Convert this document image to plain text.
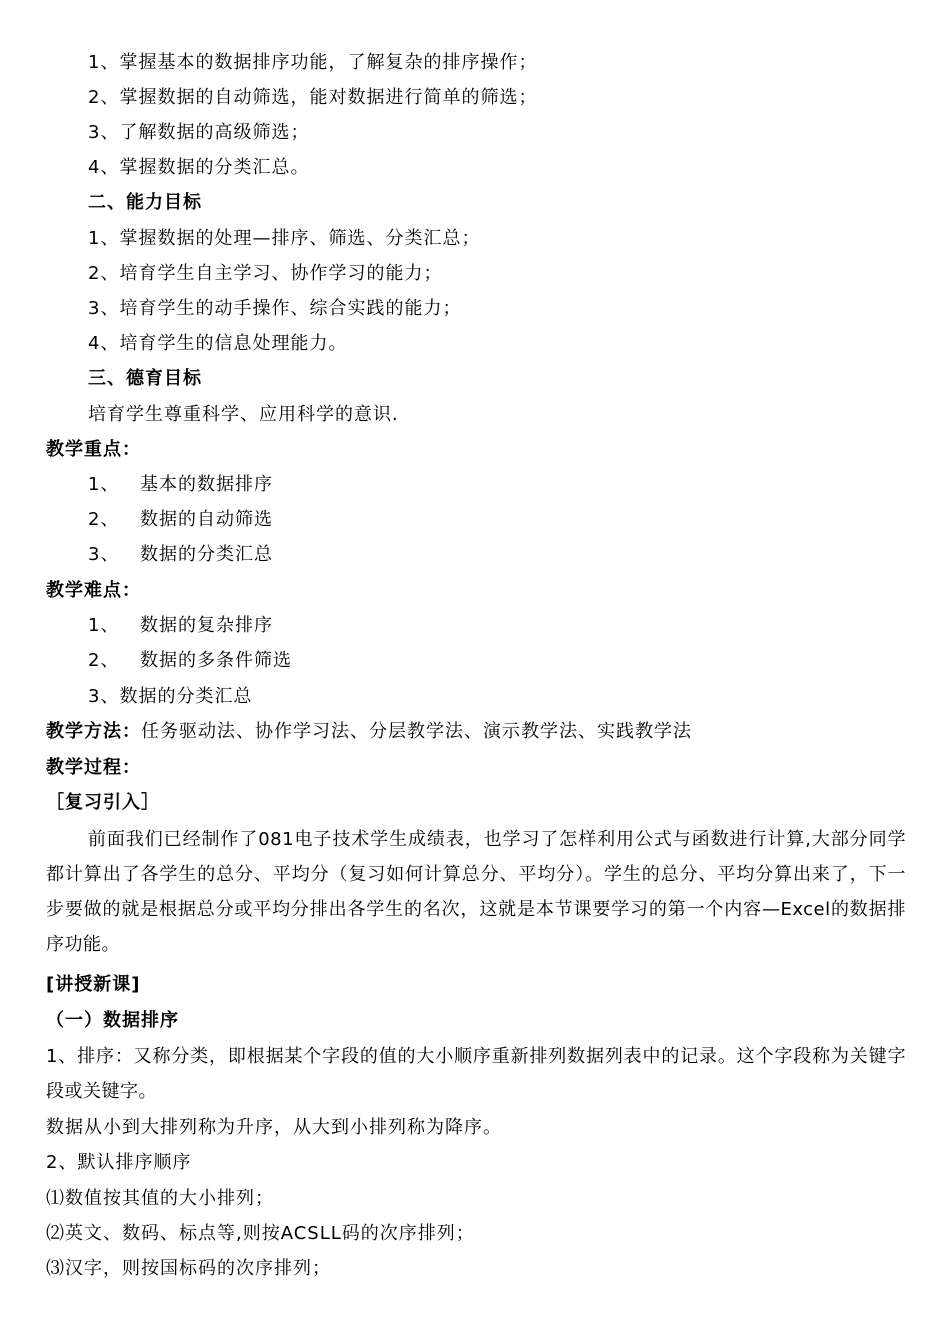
1、掌握基本的数据排序功能，了解复杂的排序操作；
2、掌握数据的自动筛选，能对数据进行简单的筛选；
3、了解数据的高级筛选；
4、掌握数据的分类汇总。
二、能力目标
1、掌握数据的处理—排序、筛选、分类汇总；
2、培育学生自主学习、协作学习的能力；
3、培育学生的动手操作、综合实践的能力；
4、培育学生的信息处理能力。
三、德育目标
培育学生尊重科学、应用科学的意识.
教学重点：
1、 基本的数据排序
2、 数据的自动筛选
3、 数据的分类汇总
教学难点：
1、 数据的复杂排序
2、 数据的多条件筛选
3、数据的分类汇总
教学方法：任务驱动法、协作学习法、分层教学法、演示教学法、实践教学法
教学过程：
［复习引入］
前面我们已经制作了081电子技术学生成绩表，也学习了怎样利用公式与函数进行计算,大部分同学都计算出了各学生的总分、平均分（复习如何计算总分、平均分）。学生的总分、平均分算出来了，下一步要做的就是根据总分或平均分排出各学生的名次，这就是本节课要学习的第一个内容—Excel的数据排序功能。
[讲授新课]
（一）数据排序
1、排序：又称分类，即根据某个字段的值的大小顺序重新排列数据列表中的记录。这个字段称为关键字段或关键字。
数据从小到大排列称为升序，从大到小排列称为降序。
2、默认排序顺序
⑴数值按其值的大小排列；
⑵英文、数码、标点等,则按ACSLL码的次序排列；
⑶汉字，则按国标码的次序排列；
